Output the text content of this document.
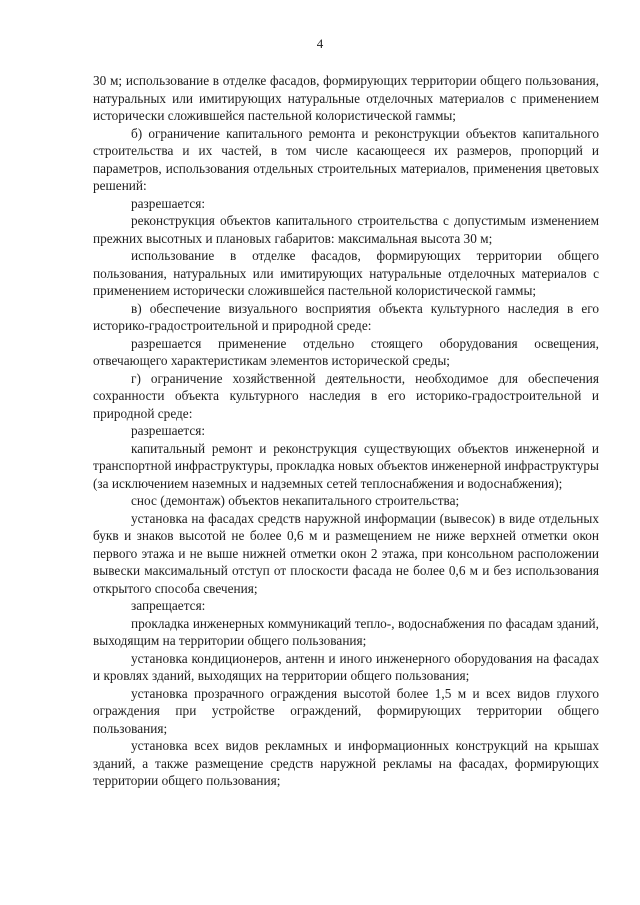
4

30 м; использование в отделке фасадов, формирующих территории общего пользования, натуральных или имитирующих натуральные отделочных материалов с применением исторически сложившейся пастельной колористической гаммы;

б) ограничение капитального ремонта и реконструкции объектов капитального строительства и их частей, в том числе касающееся их размеров, пропорций и параметров, использования отдельных строительных материалов, применения цветовых решений:

разрешается:

реконструкция объектов капитального строительства с допустимым изменением прежних высотных и плановых габаритов: максимальная высота 30 м;

использование в отделке фасадов, формирующих территории общего пользования, натуральных или имитирующих натуральные отделочных материалов с применением исторически сложившейся пастельной колористической гаммы;

в) обеспечение визуального восприятия объекта культурного наследия в его историко-градостроительной и природной среде:

разрешается применение отдельно стоящего оборудования освещения, отвечающего характеристикам элементов исторической среды;

г) ограничение хозяйственной деятельности, необходимое для обеспечения сохранности объекта культурного наследия в его историко-градостроительной и природной среде:

разрешается:

капитальный ремонт и реконструкция существующих объектов инженерной и транспортной инфраструктуры, прокладка новых объектов инженерной инфраструктуры (за исключением наземных и надземных сетей теплоснабжения и водоснабжения);

снос (демонтаж) объектов некапитального строительства;

установка на фасадах средств наружной информации (вывесок) в виде отдельных букв и знаков высотой не более 0,6 м и размещением не ниже верхней отметки окон первого этажа и не выше нижней отметки окон 2 этажа, при консольном расположении вывески максимальный отступ от плоскости фасада не более 0,6 м и без использования открытого способа свечения;

запрещается:

прокладка инженерных коммуникаций тепло-, водоснабжения по фасадам зданий, выходящим на территории общего пользования;

установка кондиционеров, антенн и иного инженерного оборудования на фасадах и кровлях зданий, выходящих на территории общего пользования;

установка прозрачного ограждения высотой более 1,5 м и всех видов глухого ограждения при устройстве ограждений, формирующих территории общего пользования;

установка всех видов рекламных и информационных конструкций на крышах зданий, а также размещение средств наружной рекламы на фасадах, формирующих территории общего пользования;
